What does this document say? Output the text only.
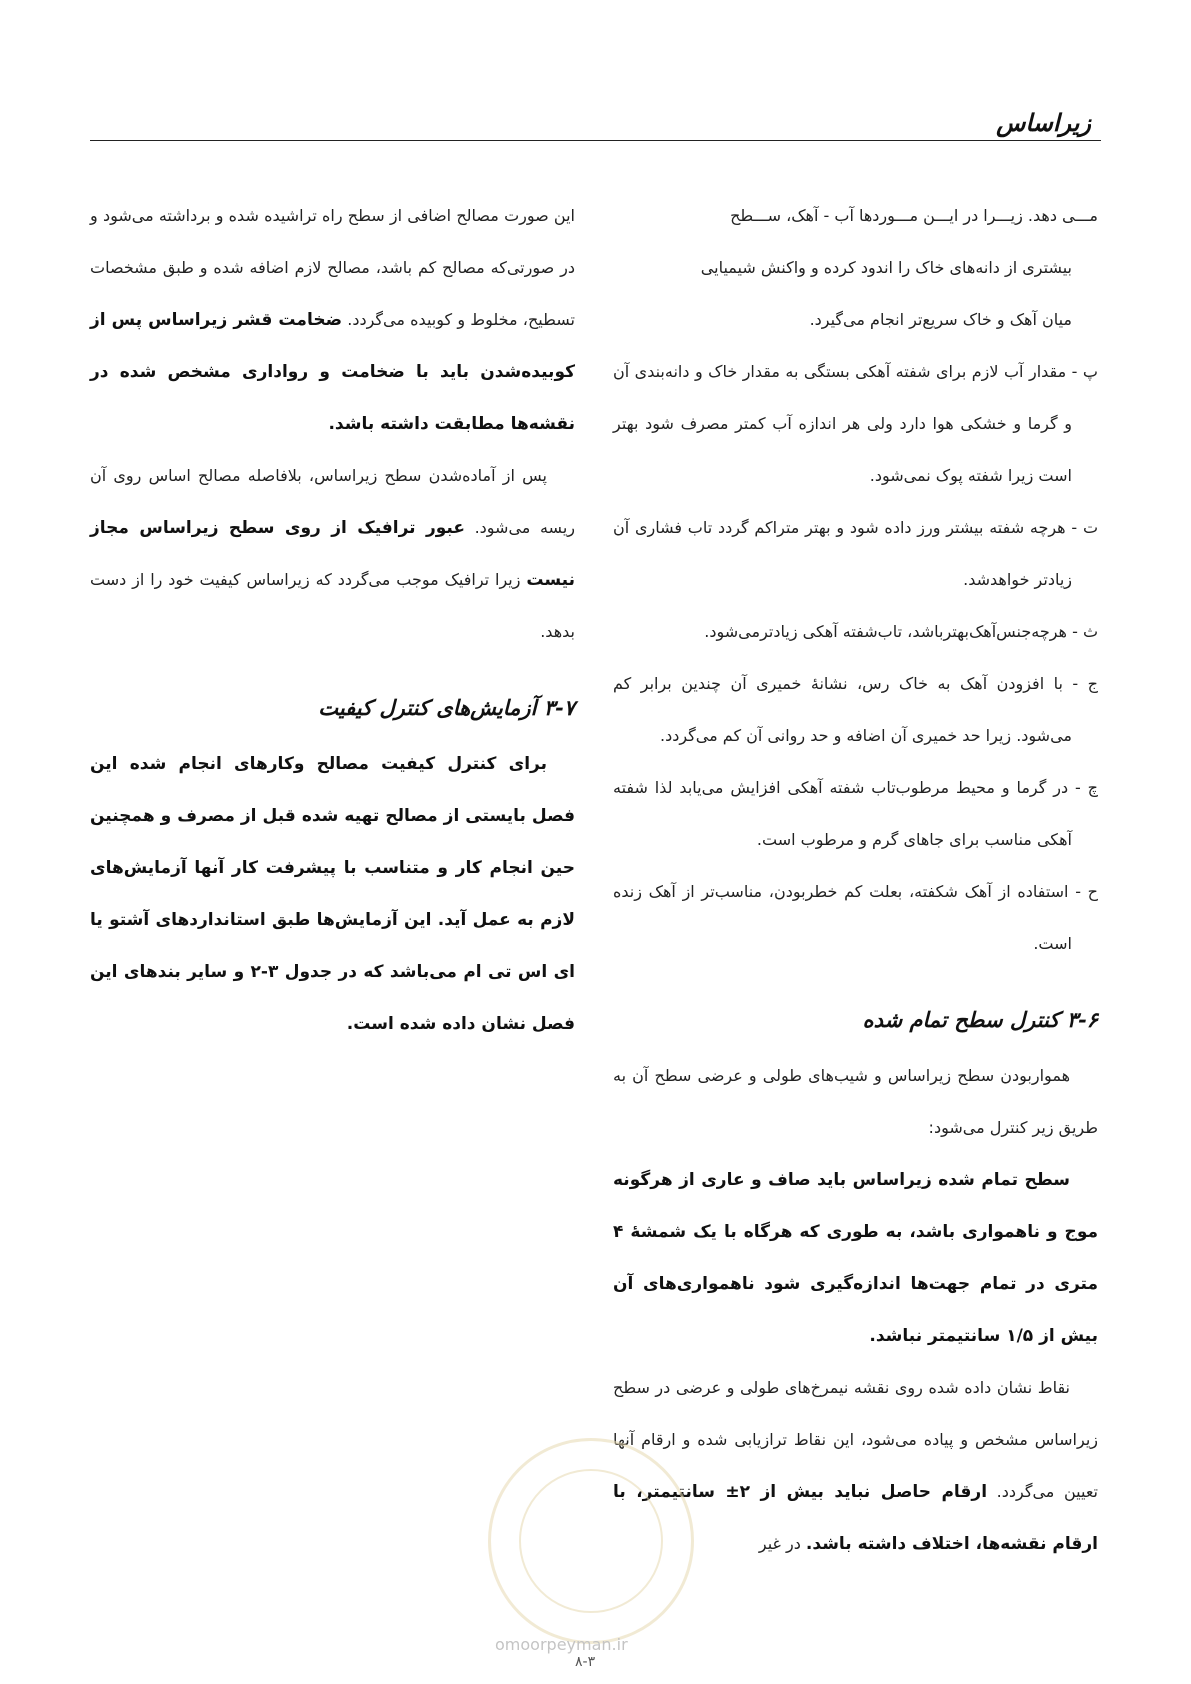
زیراساس

مـــی دهد. زیـــرا در ایـــن مـــوردها آب - آهک، ســـطح

بیشتری از دانه‌های خاک را اندود کرده و واکنش شیمیایی

میان آهک و خاک سریع‌تر انجام می‌گیرد.

پ - مقدار آب لازم برای شفته آهکی بستگی به مقدار خاک و دانه‌بندی آن و گرما و خشکی هوا دارد ولی هر اندازه آب کمتر مصرف شود بهتر است زیرا شفته پوک نمی‌شود.

ت - هرچه شفته بیشتر ورز داده شود و بهتر متراکم گردد تاب فشاری آن زیادتر خواهدشد.

ث - هرچه‌جنس‌آهک‌بهترباشد، تاب‌شفته آهکی زیادترمی‌شود.

ج - با افزودن آهک به خاک رس، نشانهٔ خمیری آن چندین برابر کم می‌شود. زیرا حد خمیری آن اضافه و حد روانی آن کم می‌گردد.

چ - در گرما و محیط مرطوب‌تاب شفته آهکی افزایش می‌یابد لذا شفته آهکی مناسب برای جاهای گرم و مرطوب است.

ح - استفاده از آهک شکفته، بعلت کم خطربودن، مناسب‌تر از آهک زنده است.

۳-۶ کنترل سطح تمام شده

همواربودن سطح زیراساس و شیب‌های طولی و عرضی سطح آن به طریق زیر کنترل می‌شود:

سطح تمام شده زیراساس باید صاف و عاری از هرگونه موج و ناهمواری باشد، به طوری که هرگاه با یک شمشهٔ ۴ متری در تمام جهت‌ها اندازه‌گیری شود ناهمواری‌های آن بیش از ۱/۵ سانتیمتر نباشد.

نقاط نشان داده شده روی نقشه نیمرخ‌های طولی و عرضی در سطح زیراساس مشخص و پیاده می‌شود، این نقاط ترازیابی شده و ارقام آنها تعیین می‌گردد. ارقام حاصل نباید بیش از ۲± سانتیمتر، با ارقام نقشه‌ها، اختلاف داشته باشد. در غیر

این صورت مصالح اضافی از سطح راه تراشیده شده و برداشته می‌شود و در صورتی‌که مصالح کم باشد، مصالح لازم اضافه شده و طبق مشخصات تسطیح، مخلوط و کوبیده می‌گردد. ضخامت قشر زیراساس پس از کوبیده‌شدن باید با ضخامت و رواداری مشخص شده در نقشه‌ها مطابقت داشته باشد.

پس از آماده‌شدن سطح زیراساس، بلافاصله مصالح اساس روی آن ریسه می‌شود. عبور ترافیک از روی سطح زیراساس مجاز نیست زیرا ترافیک موجب می‌گردد که زیراساس کیفیت خود را از دست بدهد.

۳-۷ آزمایش‌های کنترل کیفیت

برای کنترل کیفیت مصالح وکارهای انجام شده این فصل بایستی از مصالح تهیه شده قبل از مصرف و همچنین حین انجام کار و متناسب با پیشرفت کار آنها آزمایش‌های لازم به عمل آید. این آزمایش‌ها طبق استانداردهای آشتو یا ای اس تی ام می‌باشد که در جدول ۳-۲ و سایر بندهای این فصل نشان داده شده است.

omoorpeyman.ir
۸-۳
